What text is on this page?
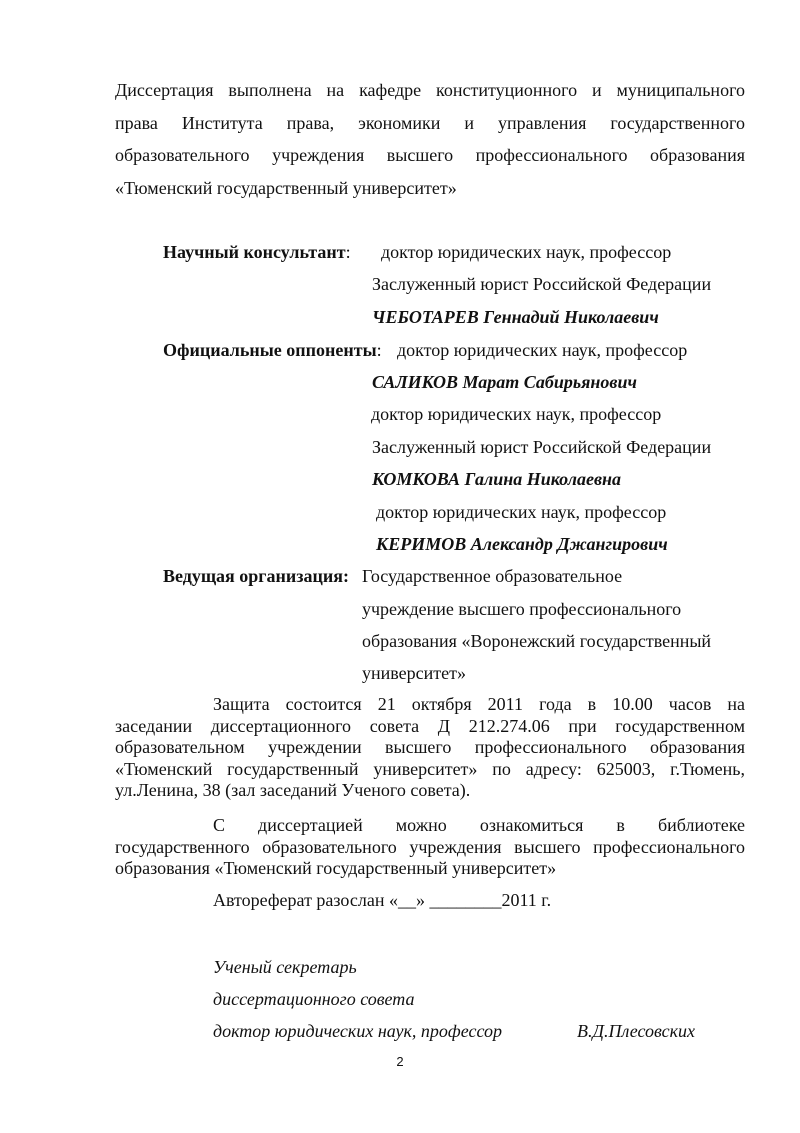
Диссертация выполнена на кафедре конституционного и муниципального
права Института права, экономики и управления государственного
образовательного учреждения высшего профессионального образования
«Тюменский государственный университет»
Научный консультант: доктор юридических наук, профессор
Заслуженный юрист Российской Федерации
ЧЕБОТАРЕВ Геннадий Николаевич
Официальные оппоненты: доктор юридических наук, профессор
САЛИКОВ Марат Сабирьянович
доктор юридических наук, профессор
Заслуженный юрист Российской Федерации
КОМКОВА Галина Николаевна
доктор юридических наук, профессор
КЕРИМОВ Александр Джангирович
Ведущая организация: Государственное образовательное
учреждение высшего профессионального
образования «Воронежский государственный
университет»
Защита состоится 21 октября 2011 года в 10.00 часов на
заседании диссертационного совета Д 212.274.06 при государственном
образовательном учреждении высшего профессионального образования
«Тюменский государственный университет» по адресу: 625003, г.Тюмень,
ул.Ленина, 38 (зал заседаний Ученого совета).
С диссертацией можно ознакомиться в библиотеке
государственного образовательного учреждения высшего профессионального
образования «Тюменский государственный университет»
Автореферат разослан «__» ________2011 г.
Ученый секретарь
диссертационного совета
доктор юридических наук, профессор	В.Д.Плесовских
2
